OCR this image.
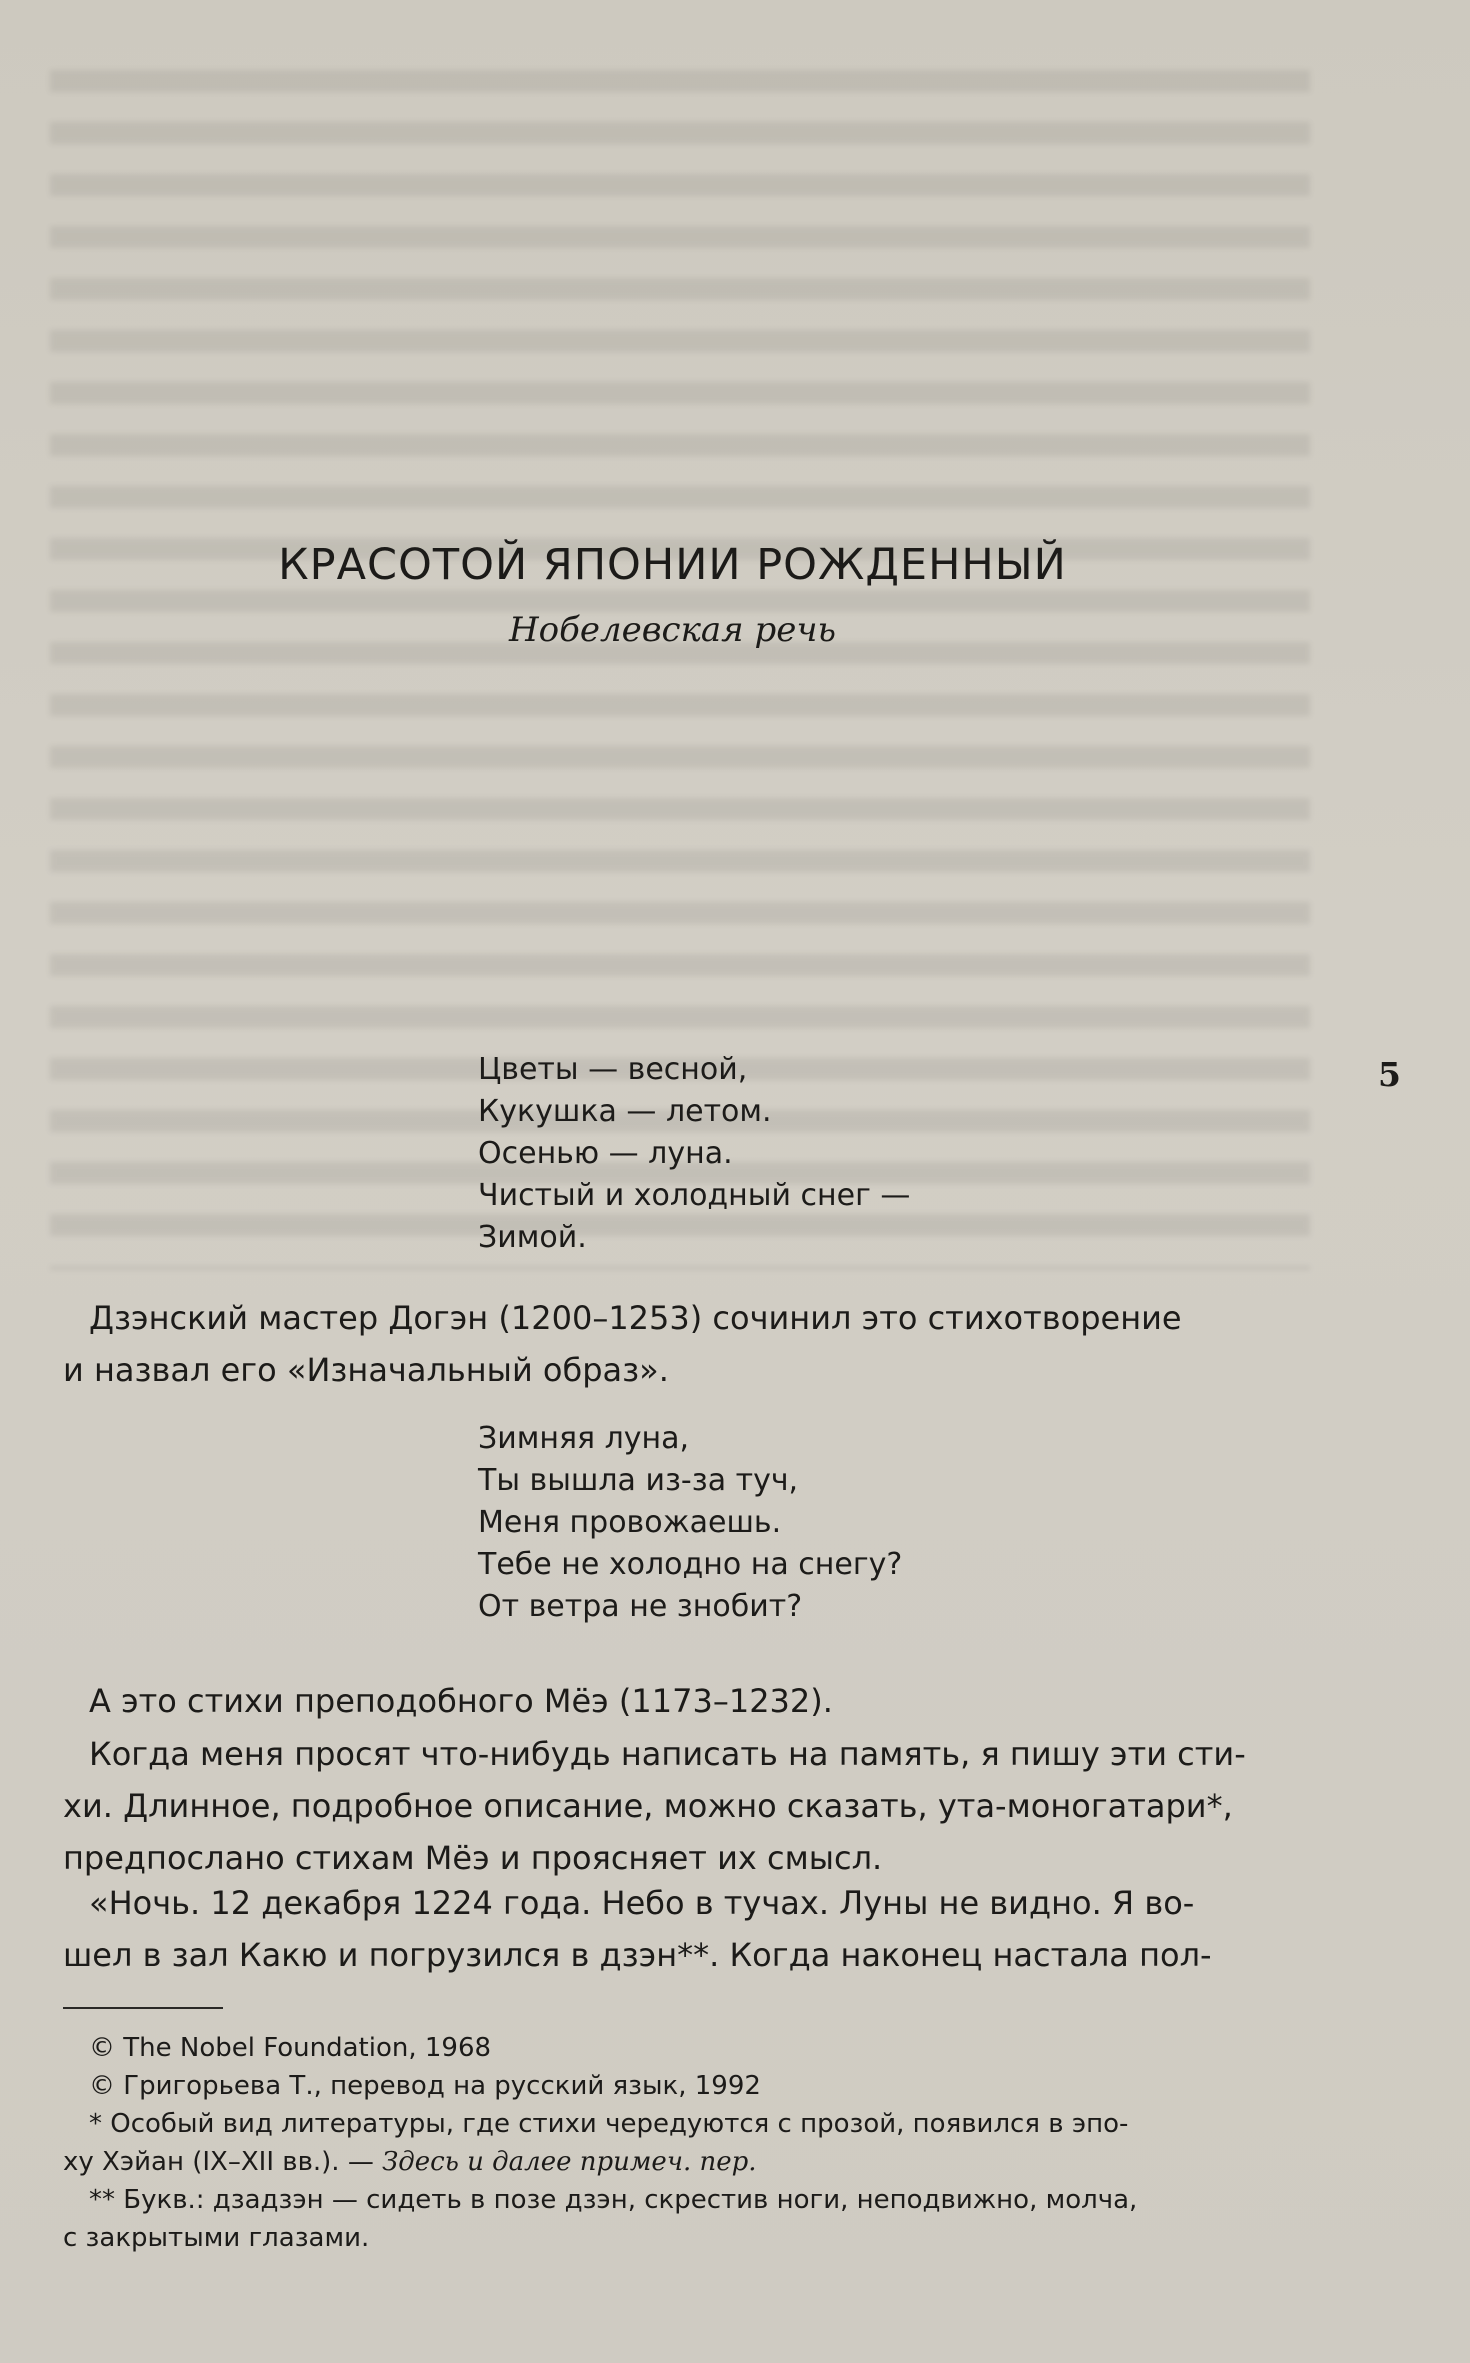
КРАСОТОЙ ЯПОНИИ РОЖДЕННЫЙ
Нобелевская речь
5
Цветы — весной,
Кукушка — летом.
Осенью — луна.
Чистый и холодный снег —
Зимой.
Дзэнский мастер Догэн (1200–1253) сочинил это стихотворение
и назвал его «Изначальный образ».
Зимняя луна,
Ты вышла из-за туч,
Меня провожаешь.
Тебе не холодно на снегу?
От ветра не знобит?
А это стихи преподобного Мёэ (1173–1232).
Когда меня просят что-нибудь написать на память, я пишу эти сти-
хи. Длинное, подробное описание, можно сказать, ута-моногатари*,
предпослано стихам Мёэ и проясняет их смысл.
«Ночь. 12 декабря 1224 года. Небо в тучах. Луны не видно. Я во-
шел в зал Какю и погрузился в дзэн**. Когда наконец настала пол-
© The Nobel Foundation, 1968
© Григорьева Т., перевод на русский язык, 1992
* Особый вид литературы, где стихи чередуются с прозой, появился в эпо-
ху Хэйан (IX–XII вв.). — Здесь и далее примеч. пер.
** Букв.: дзадзэн — сидеть в позе дзэн, скрестив ноги, неподвижно, молча,
с закрытыми глазами.
